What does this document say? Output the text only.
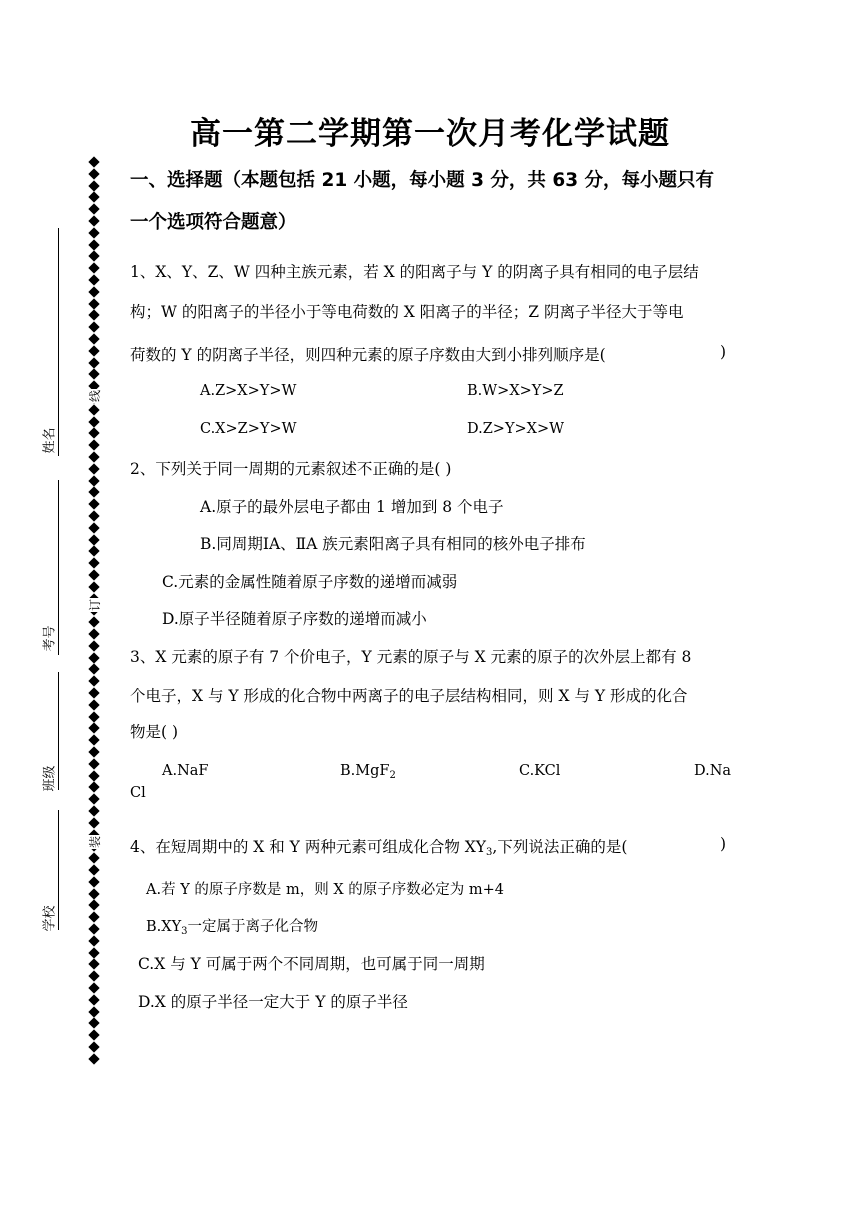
高一第二学期第一次月考化学试题
姓名
考号
班级
学校
线
订
装
一、选择题（本题包括 21 小题，每小题 3 分，共 63 分，每小题只有
一个选项符合题意）
1、X、Y、Z、W 四种主族元素，若 X 的阳离子与 Y 的阴离子具有相同的电子层结
构；W 的阳离子的半径小于等电荷数的 X 阳离子的半径；Z 阴离子半径大于等电
荷数的 Y 的阴离子半径，则四种元素的原子序数由大到小排列顺序是(	)
A.Z>X>Y>W	B.W>X>Y>Z
C.X>Z>Y>W	D.Z>Y>X>W
2、下列关于同一周期的元素叙述不正确的是( )
A.原子的最外层电子都由 1 增加到 8 个电子
B.同周期ⅠA、ⅡA 族元素阳离子具有相同的核外电子排布
C.元素的金属性随着原子序数的递增而减弱
D.原子半径随着原子序数的递增而减小
3、X 元素的原子有 7 个价电子，Y 元素的原子与 X 元素的原子的次外层上都有 8
个电子，X 与 Y 形成的化合物中两离子的电子层结构相同，则 X 与 Y 形成的化合
物是( )
A.NaF	B.MgF$_2$	C.KCl	D.Na
Cl
4、在短周期中的 X 和 Y 两种元素可组成化合物 $XY_3$,下列说法正确的是(	)
A.若 Y 的原子序数是 m，则 X 的原子序数必定为 m+4
$B.XY_3$一定属于离子化合物
C.X 与 Y 可属于两个不同周期，也可属于同一周期
D.X 的原子半径一定大于 Y 的原子半径
